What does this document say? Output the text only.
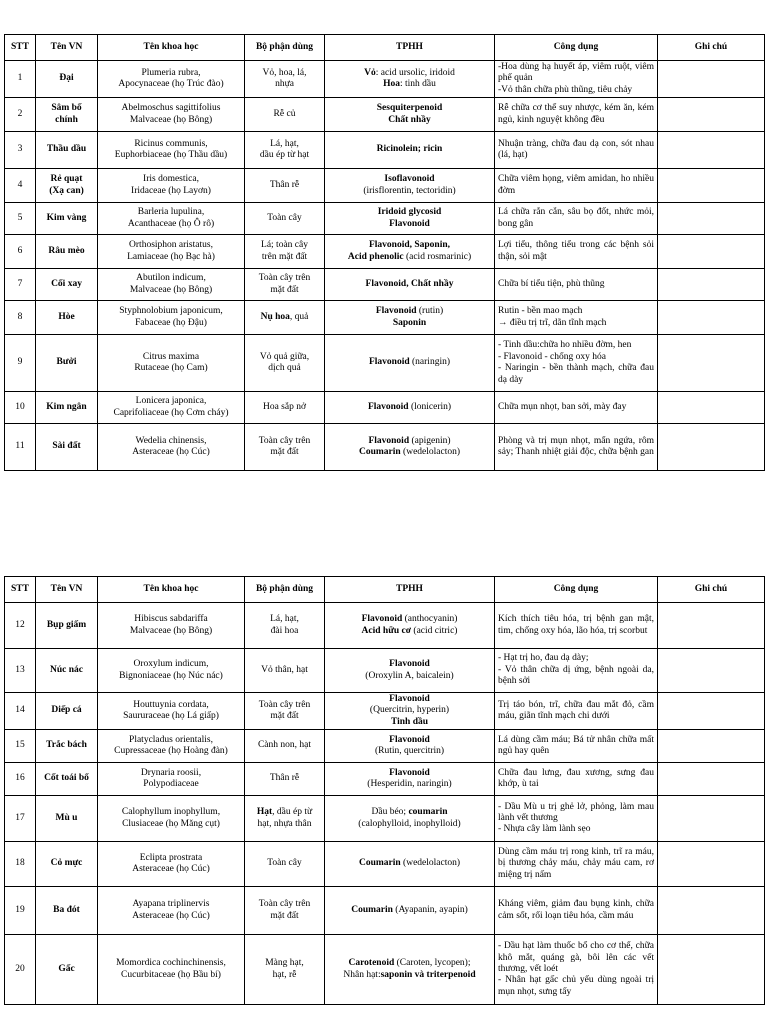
STT	Tên VN	Tên khoa học	Bộ phận dùng	TPHH	Công dụng	Ghi chú
1	Đại	Plumeria rubra,
Apocynaceae (họ Trúc đào)	Vỏ, hoa, lá,
nhựa	Vỏ: acid ursolic, iridoid
Hoa: tinh dầu	-Hoa dùng hạ huyết áp, viêm ruột, viêm phế quản
-Vỏ thân chữa phù thũng, tiêu chảy	

2	Sâm bố
chính	Abelmoschus sagittifolius
Malvaceae (họ Bông)	Rễ củ	Sesquiterpenoid
Chất nhầy	Rễ chữa cơ thể suy nhược, kém ăn, kém ngủ, kinh nguyệt không đều	

3	Thầu dầu	Ricinus communis,
Euphorbiaceae (họ Thầu dầu)	Lá, hạt,
dầu ép từ hạt	Ricinolein; ricin	Nhuận tràng, chữa đau dạ con, sót nhau (lá, hạt)	

4	Rẻ quạt
(Xạ can)	Iris domestica,
Iridaceae (họ Layơn)	Thân rễ	Isoflavonoid
(irisflorentin, tectoridin)	Chữa viêm họng, viêm amidan, ho nhiều đờm	

5	Kim vàng	Barleria lupulina,
Acanthaceae (họ Ô rô)	Toàn cây	Iridoid glycosid
Flavonoid	Lá chữa rắn cắn, sâu bọ đốt, nhức mỏi, bong gân	

6	Râu mèo	Orthosiphon aristatus,
Lamiaceae (họ Bạc hà)	Lá; toàn cây
trên mặt đất	Flavonoid, Saponin,
Acid phenolic (acid rosmarinic)	Lợi tiểu, thông tiểu trong các bệnh sỏi thận, sỏi mật	

7	Cối xay	Abutilon indicum,
Malvaceae (họ Bông)	Toàn cây trên
mặt đất	Flavonoid, Chất nhầy	Chữa bí tiểu tiện, phù thũng	

8	Hòe	Styphnolobium japonicum,
Fabaceae (họ Đậu)	Nụ hoa, quả	Flavonoid (rutin)
Saponin	Rutin - bền mao mạch
→ điều trị trĩ, dãn tĩnh mạch	

9	Bưởi	Citrus maxima
Rutaceae (họ Cam)	Vỏ quả giữa,
dịch quả	Flavonoid (naringin)	- Tinh dầu:chữa ho nhiều đờm, hen
- Flavonoid - chống oxy hóa
- Naringin - bền thành mạch, chữa đau dạ dày	

10	Kim ngân	Lonicera japonica,
Caprifoliaceae (họ Cơm cháy)	Hoa sắp nở	Flavonoid (lonicerin)	Chữa mụn nhọt, ban sởi, mày đay	

11	Sài đất	Wedelia chinensis,
Asteraceae (họ Cúc)	Toàn cây trên
mặt đất	Flavonoid (apigenin)
Coumarin (wedelolacton)	Phòng và trị mụn nhọt, mẩn ngứa, rôm sảy; Thanh nhiệt giải độc, chữa bệnh gan	

STT	Tên VN	Tên khoa học	Bộ phận dùng	TPHH	Công dụng	Ghi chú
12	Bụp giấm	Hibiscus sabdariffa
Malvaceae (họ Bông)	Lá, hạt,
đài hoa	Flavonoid (anthocyanin)
Acid hữu cơ (acid citric)	Kích thích tiêu hóa, trị bệnh gan mật, tim, chống oxy hóa, lão hóa, trị scorbut	

13	Núc nác	Oroxylum indicum,
Bignoniaceae (họ Núc nác)	Vỏ thân, hạt	Flavonoid
(Oroxylin A, baicalein)	- Hạt trị ho, đau dạ dày;
- Vỏ thân chữa dị ứng, bệnh ngoài da, bệnh sởi	

14	Diếp cá	Houttuynia cordata,
Saururaceae (họ Lá giấp)	Toàn cây trên
mặt đất	Flavonoid
(Quercitrin, hyperin)
Tinh dầu	Trị táo bón, trĩ, chữa đau mắt đỏ, cầm máu, giãn tĩnh mạch chi dưới	

15	Trắc bách	Platycladus orientalis,
Cupressaceae (họ Hoàng đàn)	Cành non, hạt	Flavonoid
(Rutin, quercitrin)	Lá dùng cầm máu; Bá tử nhân chữa mất ngủ hay quên	

16	Cốt toái bổ	Drynaria roosii,
Polypodiaceae	Thân rễ	Flavonoid
(Hesperidin, naringin)	Chữa đau lưng, đau xương, sưng đau khớp, ù tai	

17	Mù u	Calophyllum inophyllum,
Clusiaceae (họ Măng cụt)	Hạt, dầu ép từ
hạt, nhựa thân	Dầu béo; coumarin
(calophylloid, inophylloid)	- Dầu Mù u trị ghẻ lở, phỏng, làm mau lành vết thương
- Nhựa cây làm lành sẹo	

18	Cỏ mực	Eclipta prostrata
Asteraceae (họ Cúc)	Toàn cây	Coumarin (wedelolacton)	Dùng cầm máu trị rong kinh, trĩ ra máu, bị thương chảy máu, chảy máu cam, rơ miệng trị nấm	

19	Ba đót	Ayapana triplinervis
Asteraceae (họ Cúc)	Toàn cây trên
mặt đất	Coumarin (Ayapanin, ayapin)	Kháng viêm, giảm đau bụng kinh, chữa cảm sốt, rối loạn tiêu hóa, cầm máu	

20	Gấc	Momordica cochinchinensis,
Cucurbitaceae (họ Bầu bí)	Màng hạt,
hạt, rễ	Carotenoid (Caroten, lycopen);
Nhân hạt:saponin và triterpenoid	- Dầu hạt làm thuốc bổ cho cơ thể, chữa khô mắt, quáng gà, bôi lên các vết thương, vết loét
- Nhân hạt gấc chủ yếu dùng ngoài trị mụn nhọt, sưng tấy	
